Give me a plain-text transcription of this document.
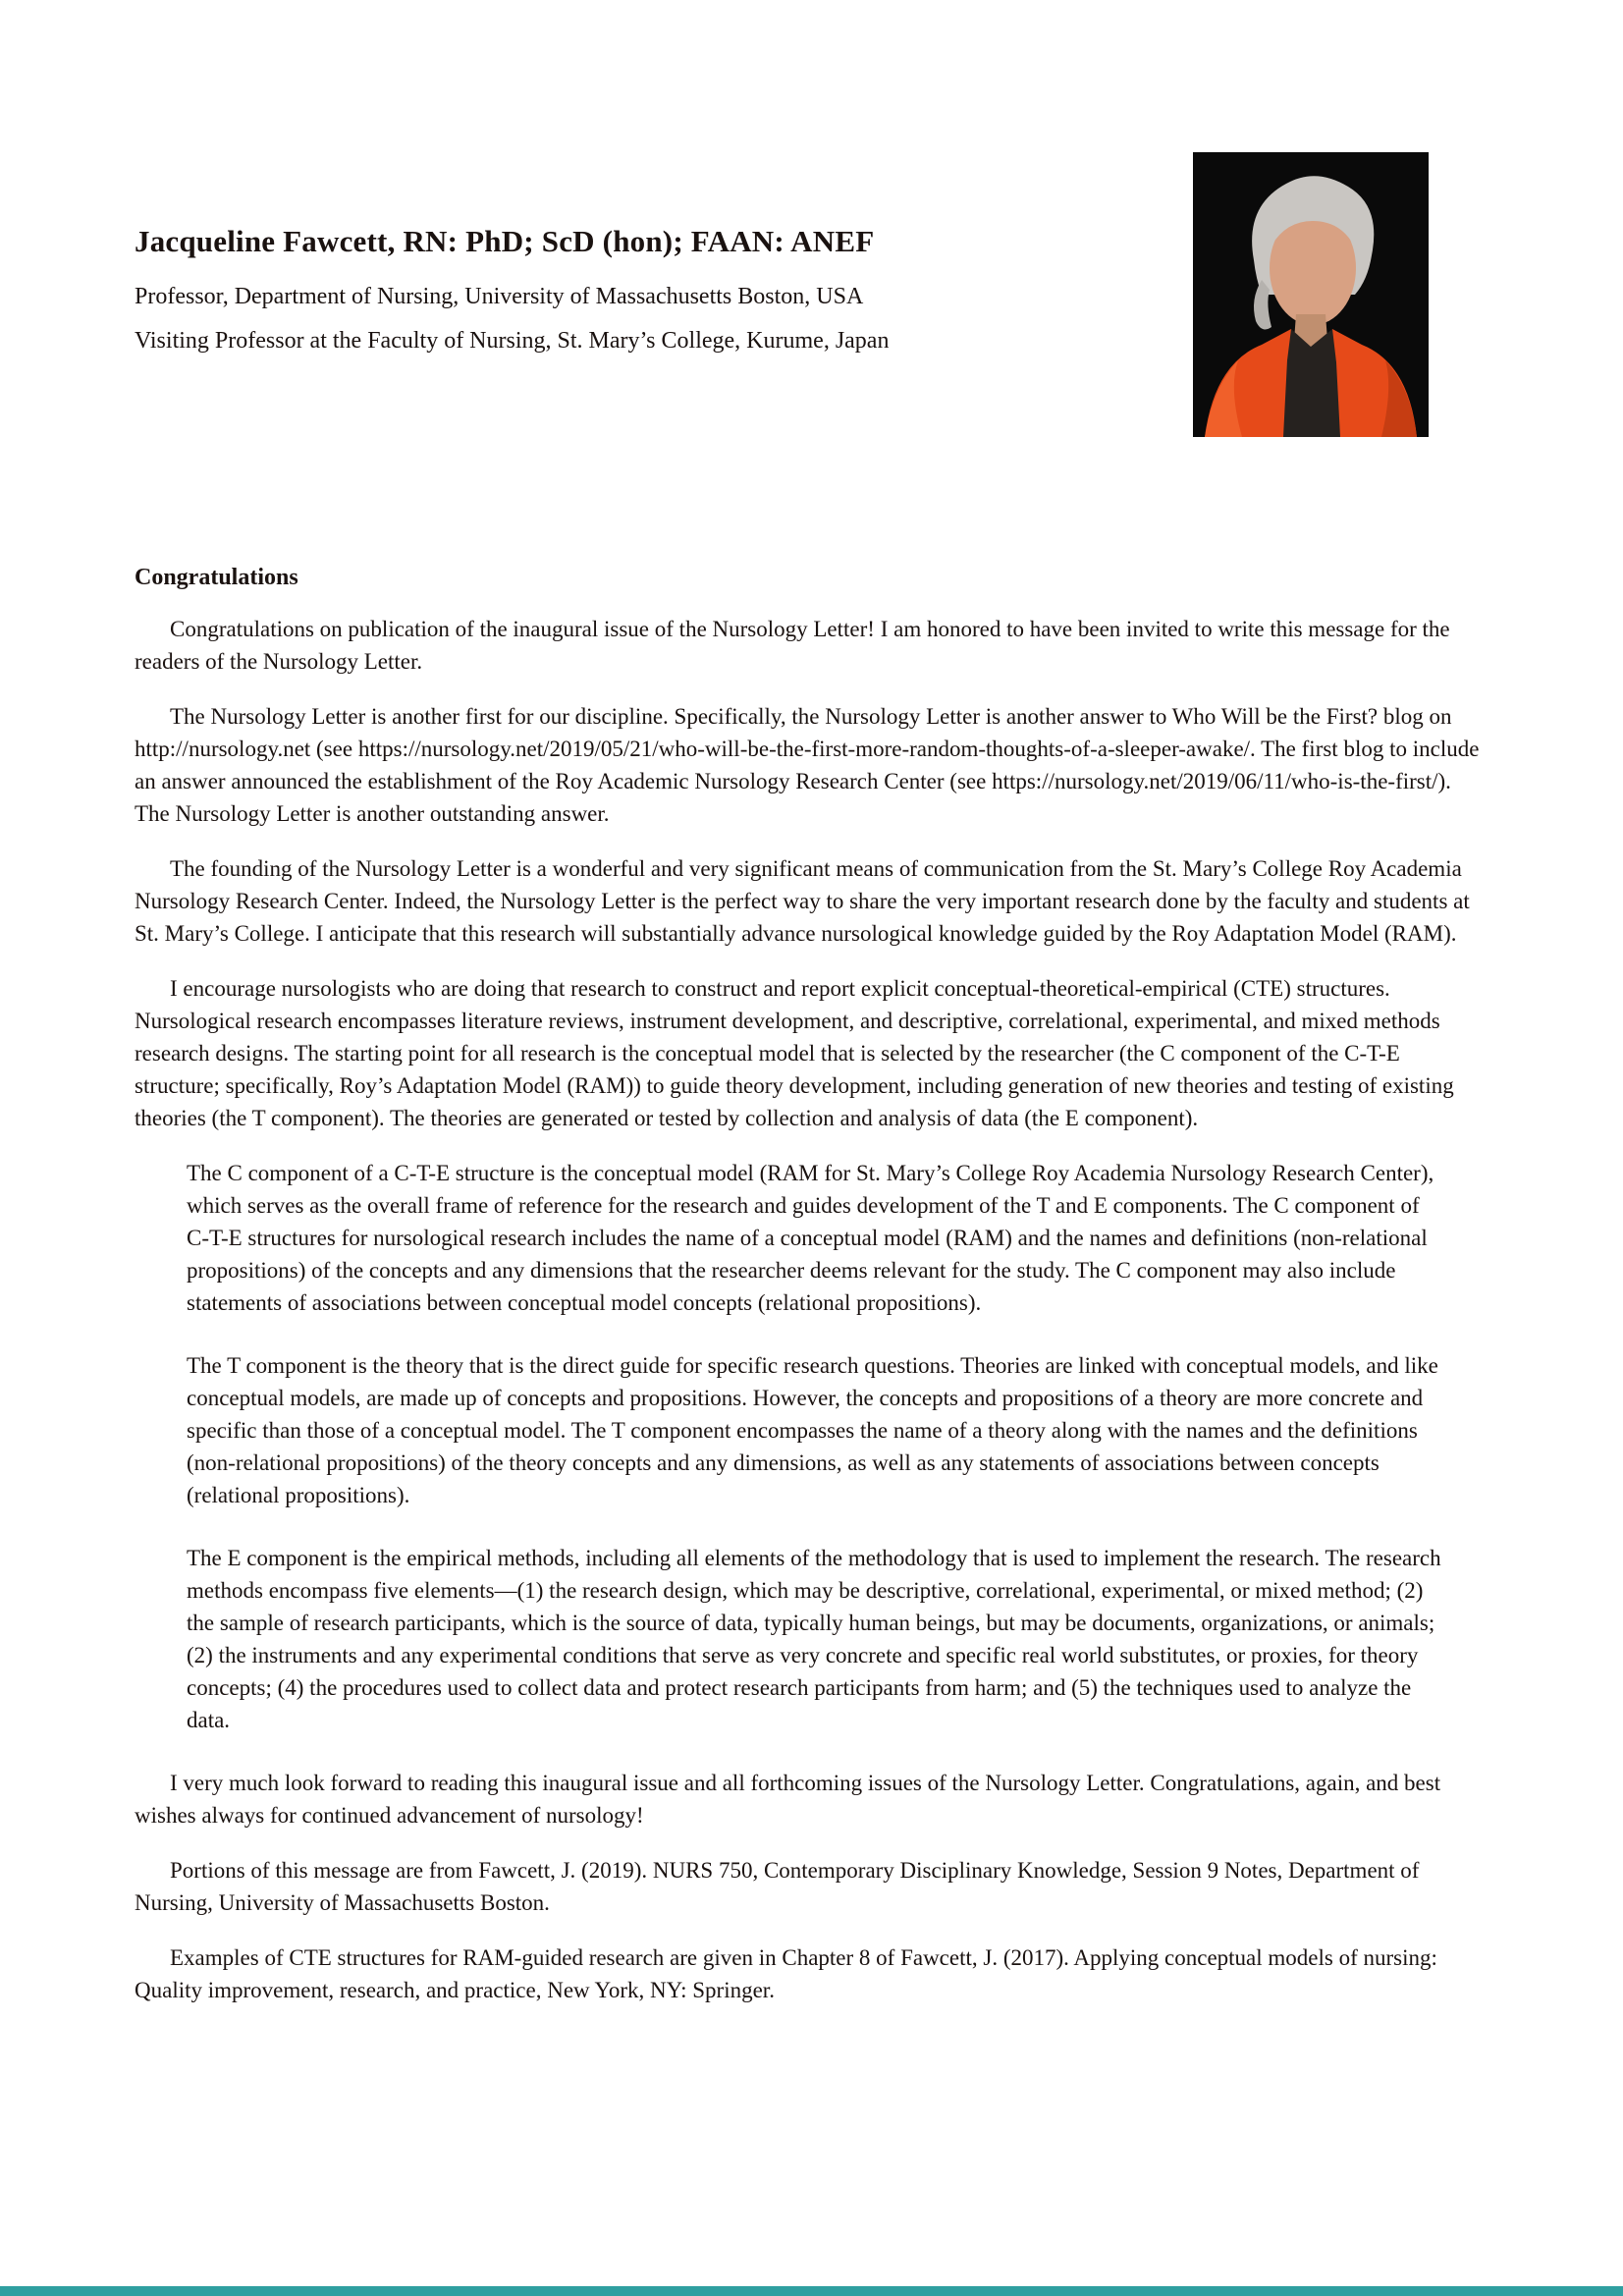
Jacqueline Fawcett, RN: PhD; ScD (hon); FAAN: ANEF

Professor, Department of Nursing, University of Massachusetts Boston, USA

Visiting Professor at the Faculty of Nursing, St. Mary’s College, Kurume, Japan

Congratulations

Congratulations on publication of the inaugural issue of the Nursology Letter! I am honored to have been invited to write this message for the readers of the Nursology Letter.

The Nursology Letter is another first for our discipline. Specifically, the Nursology Letter is another answer to Who Will be the First? blog on http://nursology.net (see https://nursology.net/2019/05/21/who-will-be-the-first-more-random-thoughts-of-a-sleeper-awake/. The first blog to include an answer announced the establishment of the Roy Academic Nursology Research Center (see https://nursology.net/2019/06/11/who-is-the-first/). The Nursology Letter is another outstanding answer.

The founding of the Nursology Letter is a wonderful and very significant means of communication from the St. Mary’s College Roy Academia Nursology Research Center. Indeed, the Nursology Letter is the perfect way to share the very important research done by the faculty and students at St. Mary’s College. I anticipate that this research will substantially advance nursological knowledge guided by the Roy Adaptation Model (RAM).

I encourage nursologists who are doing that research to construct and report explicit conceptual-theoretical-empirical (CTE) structures. Nursological research encompasses literature reviews, instrument development, and descriptive, correlational, experimental, and mixed methods research designs. The starting point for all research is the conceptual model that is selected by the researcher (the C component of the C-T-E structure; specifically, Roy’s Adaptation Model (RAM)) to guide theory development, including generation of new theories and testing of existing theories (the T component). The theories are generated or tested by collection and analysis of data (the E component).

The C component of a C-T-E structure is the conceptual model (RAM for St. Mary’s College Roy Academia Nursology Research Center), which serves as the overall frame of reference for the research and guides development of the T and E components. The C component of C-T-E structures for nursological research includes the name of a conceptual model (RAM) and the names and definitions (non-relational propositions) of the concepts and any dimensions that the researcher deems relevant for the study. The C component may also include statements of associations between conceptual model concepts (relational propositions).

The T component is the theory that is the direct guide for specific research questions. Theories are linked with conceptual models, and like conceptual models, are made up of concepts and propositions. However, the concepts and propositions of a theory are more concrete and specific than those of a conceptual model. The T component encompasses the name of a theory along with the names and the definitions (non-relational propositions) of the theory concepts and any dimensions, as well as any statements of associations between concepts (relational propositions).

The E component is the empirical methods, including all elements of the methodology that is used to implement the research. The research methods encompass five elements—(1) the research design, which may be descriptive, correlational, experimental, or mixed method; (2) the sample of research participants, which is the source of data, typically human beings, but may be documents, organizations, or animals; (2) the instruments and any experimental conditions that serve as very concrete and specific real world substitutes, or proxies, for theory concepts; (4) the procedures used to collect data and protect research participants from harm; and (5) the techniques used to analyze the data.

I very much look forward to reading this inaugural issue and all forthcoming issues of the Nursology Letter. Congratulations, again, and best wishes always for continued advancement of nursology!

Portions of this message are from Fawcett, J. (2019). NURS 750, Contemporary Disciplinary Knowledge, Session 9 Notes, Department of Nursing, University of Massachusetts Boston.

Examples of CTE structures for RAM-guided research are given in Chapter 8 of Fawcett, J. (2017). Applying conceptual models of nursing: Quality improvement, research, and practice, New York, NY: Springer.
